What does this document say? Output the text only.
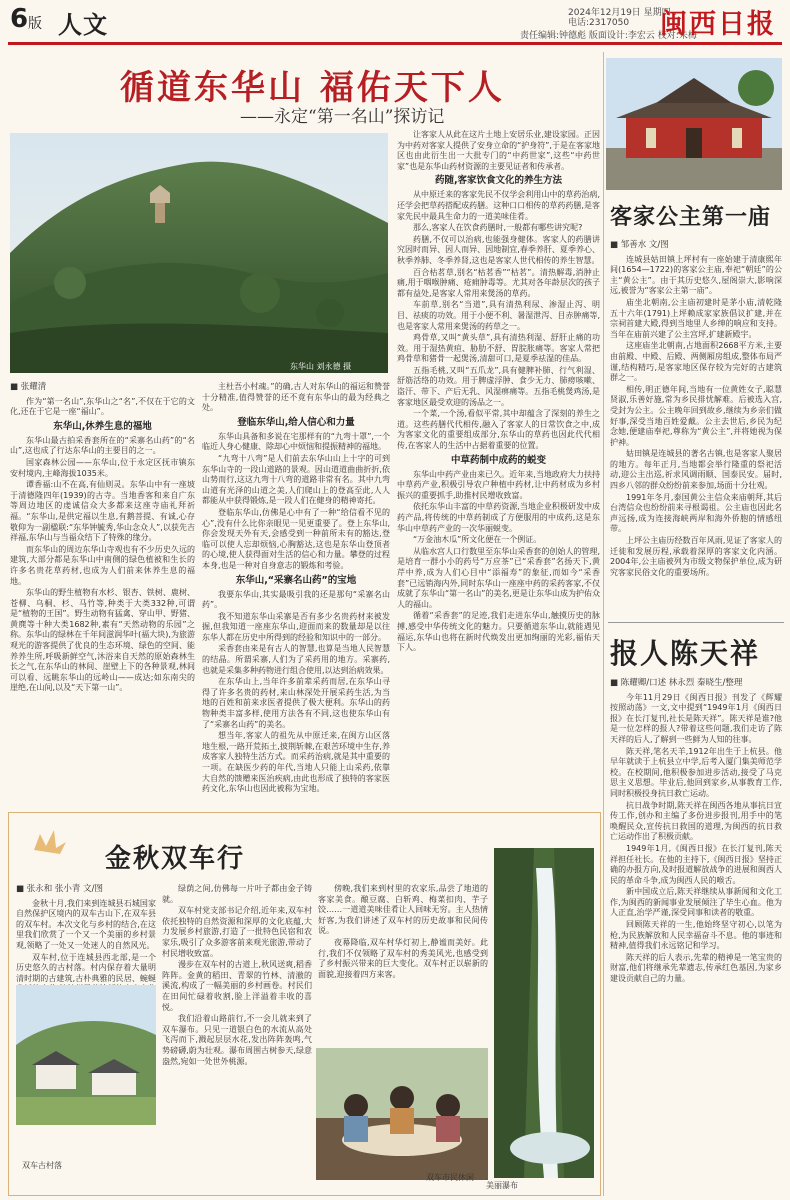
6 版 人文	2024年12月19日 星期四
电话:2317050
责任编辑:钟德彪 版面设计:李宏云 校对:朱梅
闽西日报
循道东华山 福佑天下人
——永定“第一名山”探访记
东华山 刘永德 摄
■ 张耀清

作为“第一名山”,东华山之“名”,不仅在于它的文化,还在于它是一座“福山”。

东华山,休养生息的福地

东华山最古拍采香套所在的“采寨名山药”的“名山”,这也成了行达东华山的主要目的之一。

国家森林公园——东华山,位于永定区抚市镇东安村境内,主峰海拔1035米。

谭香福:山不在高,有仙则灵。东华山中有一座坡于清德隆四年(1939)的古寺。当地香客和来自广东等周边地区的虔诚信众大多都来这座寺庙礼拜祈福。“东华山,是供定福以生息,有鹅菩提、有诚,心存敬仰为一副楹联:“东华钟毓秀,华山念众人”,以获先吉祥福,东华山与当福众结下了特殊的缘分。

而东华山的周边东华山寺观也有不少历史久远的建筑,大部分都是东华山中南侧的绿色植被和生长的许多名贵花草药材,也成为人们前来休养生息的福地。

东华山的野生植物有水杉、银杏、铁树、鹿树、苍柳、乌桐、杉、马竹等,种类于大类332种,可谓是“植物的王国”。野生动物有猛禽、穿山甲、野猪、黄麂等十种大类1682种,素有“天然动物的乐园”之称。东华山的绿林在千年间滋润华叶(福大块),为旅游观光的游客提供了优良的生态环境、绿色的空间、能养养生所,呼吸新鲜空气,沐浴来自天然的原始森林生长之气,在东华山的林间、崖壁上下的各种景观,林间可以看、远眺东华山的远岭山——成达;如东南尖的崖绝,在山间,以及“天下第一山”。

主杜吾小村魂。”的确,古人对东华山的福运和赞誉十分精准,值得赞誉的还不竟有东华山的最为经典之处。

登临东华山,给人信心和力量

东华山具备和多说在宅那样有的“九弯十罩”,一个临近人身心健康、除却心中烦恼和提振精神的福地。

“九弯十八弯”是人们前去东华山山上十字的可到东华山寺的一段山道路的景观。因山道道曲曲折折,依山势而行,这这九弯十八弯的道路非常有名。其中九弯山道有光泽的山道之美,人们爬山上的登高至此,人人都能从中获得锻炼,是一段人们在健身的精神寄托。

登临东华山,仿佛是心中有了一种“给信看不见的心”,没有什么比你亲眼见一见更重要了。登上东华山,你会发现天外有天,会感受到一种前所未有的豁达,登临可以使人忘却烦恼,心胸豁达,这也是东华山登顶者的心境,使人获得面对生活的信心和力量。攀登的过程本身,也是一种对自身意志的锻炼和考验。

东华山,“采寨名山药”的宝地

我要东华山,其实最吸引我的还是那句“采寨名山药”。

我不知道东华山采寨是否有多少名贵药材来被发掘,但我知道一座座东华山,迎面而来的数量却是以往东华人都在历史中所得到的经验和知识中的一部分。

采香套由来是有古人的智慧,也算是当地人民智慧的结晶。所谓采寨,人们为了采药用的地方。采寨药,也就是采集多种药物进行组合使用,以达到治病效果。

在东华山上,当年许多前辈采药而居,在东华山寻得了许多名贵的药材,来山林深处开展采药生活,为当地的百姓和前来求医者提供了极大便利。东华山的药物种类丰富多样,使用方法各有不同,这也使东华山有了“采寨名山药”的美名。

想当年,客家人的祖先从中原迁来,在闽方山区落地生根,一路开荒拓土,披荆斩棘,在艰苦环境中生存,养成客家人独特生活方式。而采药治病,就是其中重要的一项。在缺医少药的年代,当地人只能上山采药,依靠大自然的馈赠来医治疾病,由此也形成了独特的客家医药文化,东华山也因此被称为宝地。

让客家人从此在这片土地上安居乐业,建设家园。正因为中药对客家人提供了安身立命的“护身符”,于是在客家地区也由此衍生出一大批专门的“中药世家”,这些“中药世家”也是东华山药材资源的主要见证者和传承者。

药随,客家饮食文化的养生方法

从中原迁来的客家先民不仅学会利用山中的草药治病,还学会把草药搭配成药膳。这种口口相传的草药药膳,是客家先民中最具生命力的一道美味佳肴。

那么,客家人在饮食药膳时,一般都有哪些讲究呢?

药膳,不仅可以治病,也能强身健体。客家人的药膳讲究因时而异、因人而异、因地制宜,春季养肝、夏季养心、秋季养肺、冬季养肾,这也是客家人世代相传的养生智慧。

百合枯茗草,别名“枯茗香”“枯茗”。清热解毒,消肿止痛,用于咽喉肿痛、疮痈肿毒等。尤其对各年龄层次的孩子都有益处,是客家人常用来煲汤的草药。

车前草,别名“当道”,具有清热利尿、渗湿止泻、明目、祛痰的功效。用于小便不利、暑湿泄泻、目赤肿痛等,也是客家人常用来煲汤的药草之一。

鸡骨草,又叫“黄头草”,具有清热利湿、舒肝止痛的功效。用于湿热黄疸、胁肋不舒、胃脘胀痛等。客家人常把鸡骨草和猪骨一起煲汤,清甜可口,是夏季祛湿的佳品。

五指毛桃,又叫“五爪龙”,具有健脾补肺、行气利湿、舒筋活络的功效。用于脾虚浮肿、食少无力、肺痨咳嗽、盗汗、带下、产后无乳、风湿痹痛等。五指毛桃煲鸡汤,是客家地区最受欢迎的汤品之一。

一个菜,一个汤,看似平常,其中却蕴含了深刻的养生之道。这些药膳代代相传,融入了客家人的日常饮食之中,成为客家文化的重要组成部分,东华山的草药也因此代代相传,在客家人的生活中占据着重要的位置。

中草药制中成药的蜕变

东华山中药产业由来已久。近年来,当地政府大力扶持中草药产业,积极引导农户种植中药材,让中药材成为乡村振兴的重要抓手,助推村民增收致富。

依托东华山丰富的中草药资源,当地企业积极研发中成药产品,将传统的中草药制成了方便服用的中成药,这是东华山中草药产业的一次华丽蜕变。

“万金油木瓜”所文化便在一个例证。

从临水宫人口行数里至东华山采香套的创始人的管理,是培育一群小小的药号“万应茶”已“采香套”名扬天下,黄芹中养,成为人们心目中“添福寿”的象征,而如今“采香套”已远销海内外,同时东华山一座座中药的采药客家,不仅成就了东华山“第一名山”的美名,更是让东华山成为护佑众人的福山。

循着“采香套”的足迹,我们走进东华山,触摸历史的脉搏,感受中华传统文化的魅力。只要循道东华山,就能遇见福运,东华山也将在新时代焕发出更加绚丽的光彩,福佑天下人。

客家公主第一庙
■ 邹善水 文/图

连城县姑田镇上坪村有一座始建于清康熙年间(1654—1722)的客家公主庙,奉祀“朝廷”的公主“黄公主”。由于其历史悠久,屋阁崇大,影响深远,被誉为“客家公主第一庙”。

庙坐北朝南,公主庙初建时是茅小庙,清乾隆五十六年(1791)上坪赖成家家族倡议扩建,并在宗祠首建大殿,得到当地里人乡绅的响应和支持。当年在庙前兴建了公主宫坪,扩建新殿宇。

这座庙坐北朝南,占地面积2668平方米,主要由前殿、中殿、后殿、两侧厢房组成,整体布局严谨,结构精巧,是客家地区保存较为完好的古建筑群之一。

相传,明正德年间,当地有一位黄姓女子,聪慧贤淑,乐善好施,常为乡民排忧解难。后被选入宫,受封为公主。公主晚年回到故乡,继续为乡亲们做好事,深受当地百姓爱戴。公主去世后,乡民为纪念她,便建庙奉祀,尊称为“黄公主”,并将她视为保护神。

姑田镇是连城县的著名古镇,也是客家人聚居的地方。每年正月,当地都会举行隆重的祭祀活动,迎公主出巡,祈求风调雨顺、国泰民安。届时,四乡八邻的群众纷纷前来参加,场面十分壮观。

1991年冬月,泰国黄公主信众来庙朝拜,其后台湾信众也纷纷前来寻根谒祖。公主庙也因此名声远扬,成为连接海峡两岸和海外侨胞的情感纽带。

上坪公主庙历经数百年风雨,见证了客家人的迁徙和发展历程,承载着深厚的客家文化内涵。2004年,公主庙被列为市级文物保护单位,成为研究客家民俗文化的重要场所。

报人陈天祥
■ 陈耀卿/口述 林永烈 秦晓生/整理

今年11月29日《闽西日报》刊发了《辉耀按照动荡》一文,文中提到“1949年1月《闽西日报》在长汀复刊,社长是陈天祥”。陈天祥是谁?他是一位怎样的报人?带着这些问题,我们走访了陈天祥的后人,了解到一些鲜为人知的往事。

陈天祥,笔名天羊,1912年出生于上杭县。他早年就读于上杭县立中学,后考入厦门集美师范学校。在校期间,他积极参加进步活动,接受了马克思主义思想。毕业后,他回到家乡,从事教育工作,同时积极投身抗日救亡运动。

抗日战争时期,陈天祥在闽西各地从事抗日宣传工作,创办和主编了多份进步报刊,用手中的笔唤醒民众,宣传抗日救国的道理,为闽西的抗日救亡运动作出了积极贡献。

1949年1月,《闽西日报》在长汀复刊,陈天祥担任社长。在他的主持下,《闽西日报》坚持正确的办报方向,及时报道解放战争的进展和闽西人民的革命斗争,成为闽西人民的喉舌。

新中国成立后,陈天祥继续从事新闻和文化工作,为闽西的新闻事业发展倾注了毕生心血。他为人正直,治学严谨,深受同事和读者的敬重。

回顾陈天祥的一生,他始终坚守初心,以笔为枪,为民族解放和人民幸福奋斗不息。他的事迹和精神,值得我们永远铭记和学习。

陈天祥的后人表示,先辈的精神是一笔宝贵的财富,他们将继承先辈遗志,传承红色基因,为家乡建设贡献自己的力量。

金秋双车行
■ 张永和 张小青 文/图

金秋十月,我们来到连城县石城国家自然保护区境内的双车古山下,在双车县的双车村。本次文化与乡村的结合,在这里我们欣赏了一个又一个美丽的乡村景观,领略了一处又一处迷人的自然风光。

双车村,位于连城县西北部,是一个历史悠久的古村落。村内保存着大量明清时期的古建筑,古朴典雅的民居、蜿蜒

双车古村落

绿荫之间,仿佛每一片叶子都由金子铸就。

双车村党支部书记介绍,近年来,双车村依托独特的自然资源和深厚的文化底蕴,大力发展乡村旅游,打造了一批特色民宿和农家乐,吸引了众多游客前来观光旅游,带动了村民增收致富。

漫步在双车村的古道上,秋风送爽,稻香阵阵。金黄的稻田、青翠的竹林、清澈的溪流,构成了一幅美丽的乡村画卷。村民们在田间忙碌着收割,脸上洋溢着丰收的喜悦。

我们沿着山路前行,不一会儿就来到了双车瀑布。只见一道银白色的水流从高处飞泻而下,溅起层层水花,发出阵阵轰鸣,气势磅礴,蔚为壮观。瀑布周围古树参天,绿意盎然,宛如一处世外桃源。

傍晚,我们来到村里的农家乐,品尝了地道的客家美食。酿豆腐、白斩鸡、梅菜扣肉、芋子饺……一道道美味佳肴让人回味无穷。主人热情好客,为我们讲述了双车村的历史故事和民间传说。

夜幕降临,双车村华灯初上,静谧而美好。此行,我们不仅领略了双车村的秀美风光,也感受到了乡村振兴带来的巨大变化。双车村正以崭新的面貌,迎接着四方来客。

双车市民休闲
美丽瀑布
